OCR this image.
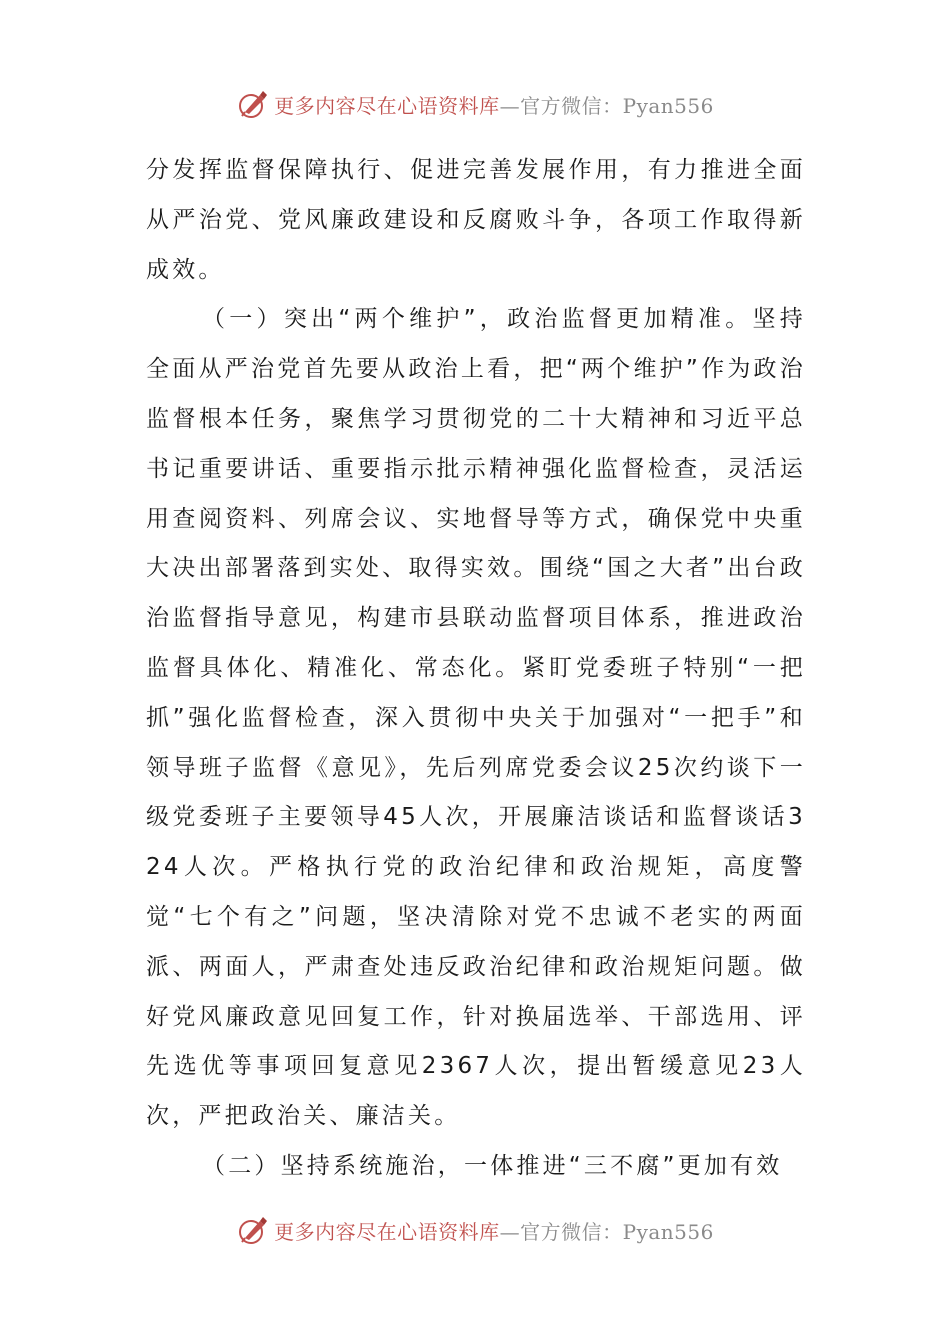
更多内容尽在心语资料库—官方微信：Pyan556

分发挥监督保障执行、促进完善发展作用，有力推进全面从严治党、党风廉政建设和反腐败斗争，各项工作取得新成效。

（一）突出“两个维护”，政治监督更加精准。坚持全面从严治党首先要从政治上看，把“两个维护”作为政治监督根本任务，聚焦学习贯彻党的二十大精神和习近平总书记重要讲话、重要指示批示精神强化监督检查，灵活运用查阅资料、列席会议、实地督导等方式，确保党中央重大决出部署落到实处、取得实效。围绕“国之大者”出台政治监督指导意见，构建市县联动监督项目体系，推进政治监督具体化、精准化、常态化。紧盯党委班子特别“一把抓”强化监督检查，深入贯彻中央关于加强对“一把手”和领导班子监督《意见》，先后列席党委会议25次约谈下一级党委班子主要领导45人次，开展廉洁谈话和监督谈话324人次。严格执行党的政治纪律和政治规矩，高度警觉“七个有之”问题，坚决清除对党不忠诚不老实的两面派、两面人，严肃查处违反政治纪律和政治规矩问题。做好党风廉政意见回复工作，针对换届选举、干部选用、评先选优等事项回复意见2367人次，提出暂缓意见23人次，严把政治关、廉洁关。

（二）坚持系统施治，一体推进“三不腐”更加有效

更多内容尽在心语资料库—官方微信：Pyan556
